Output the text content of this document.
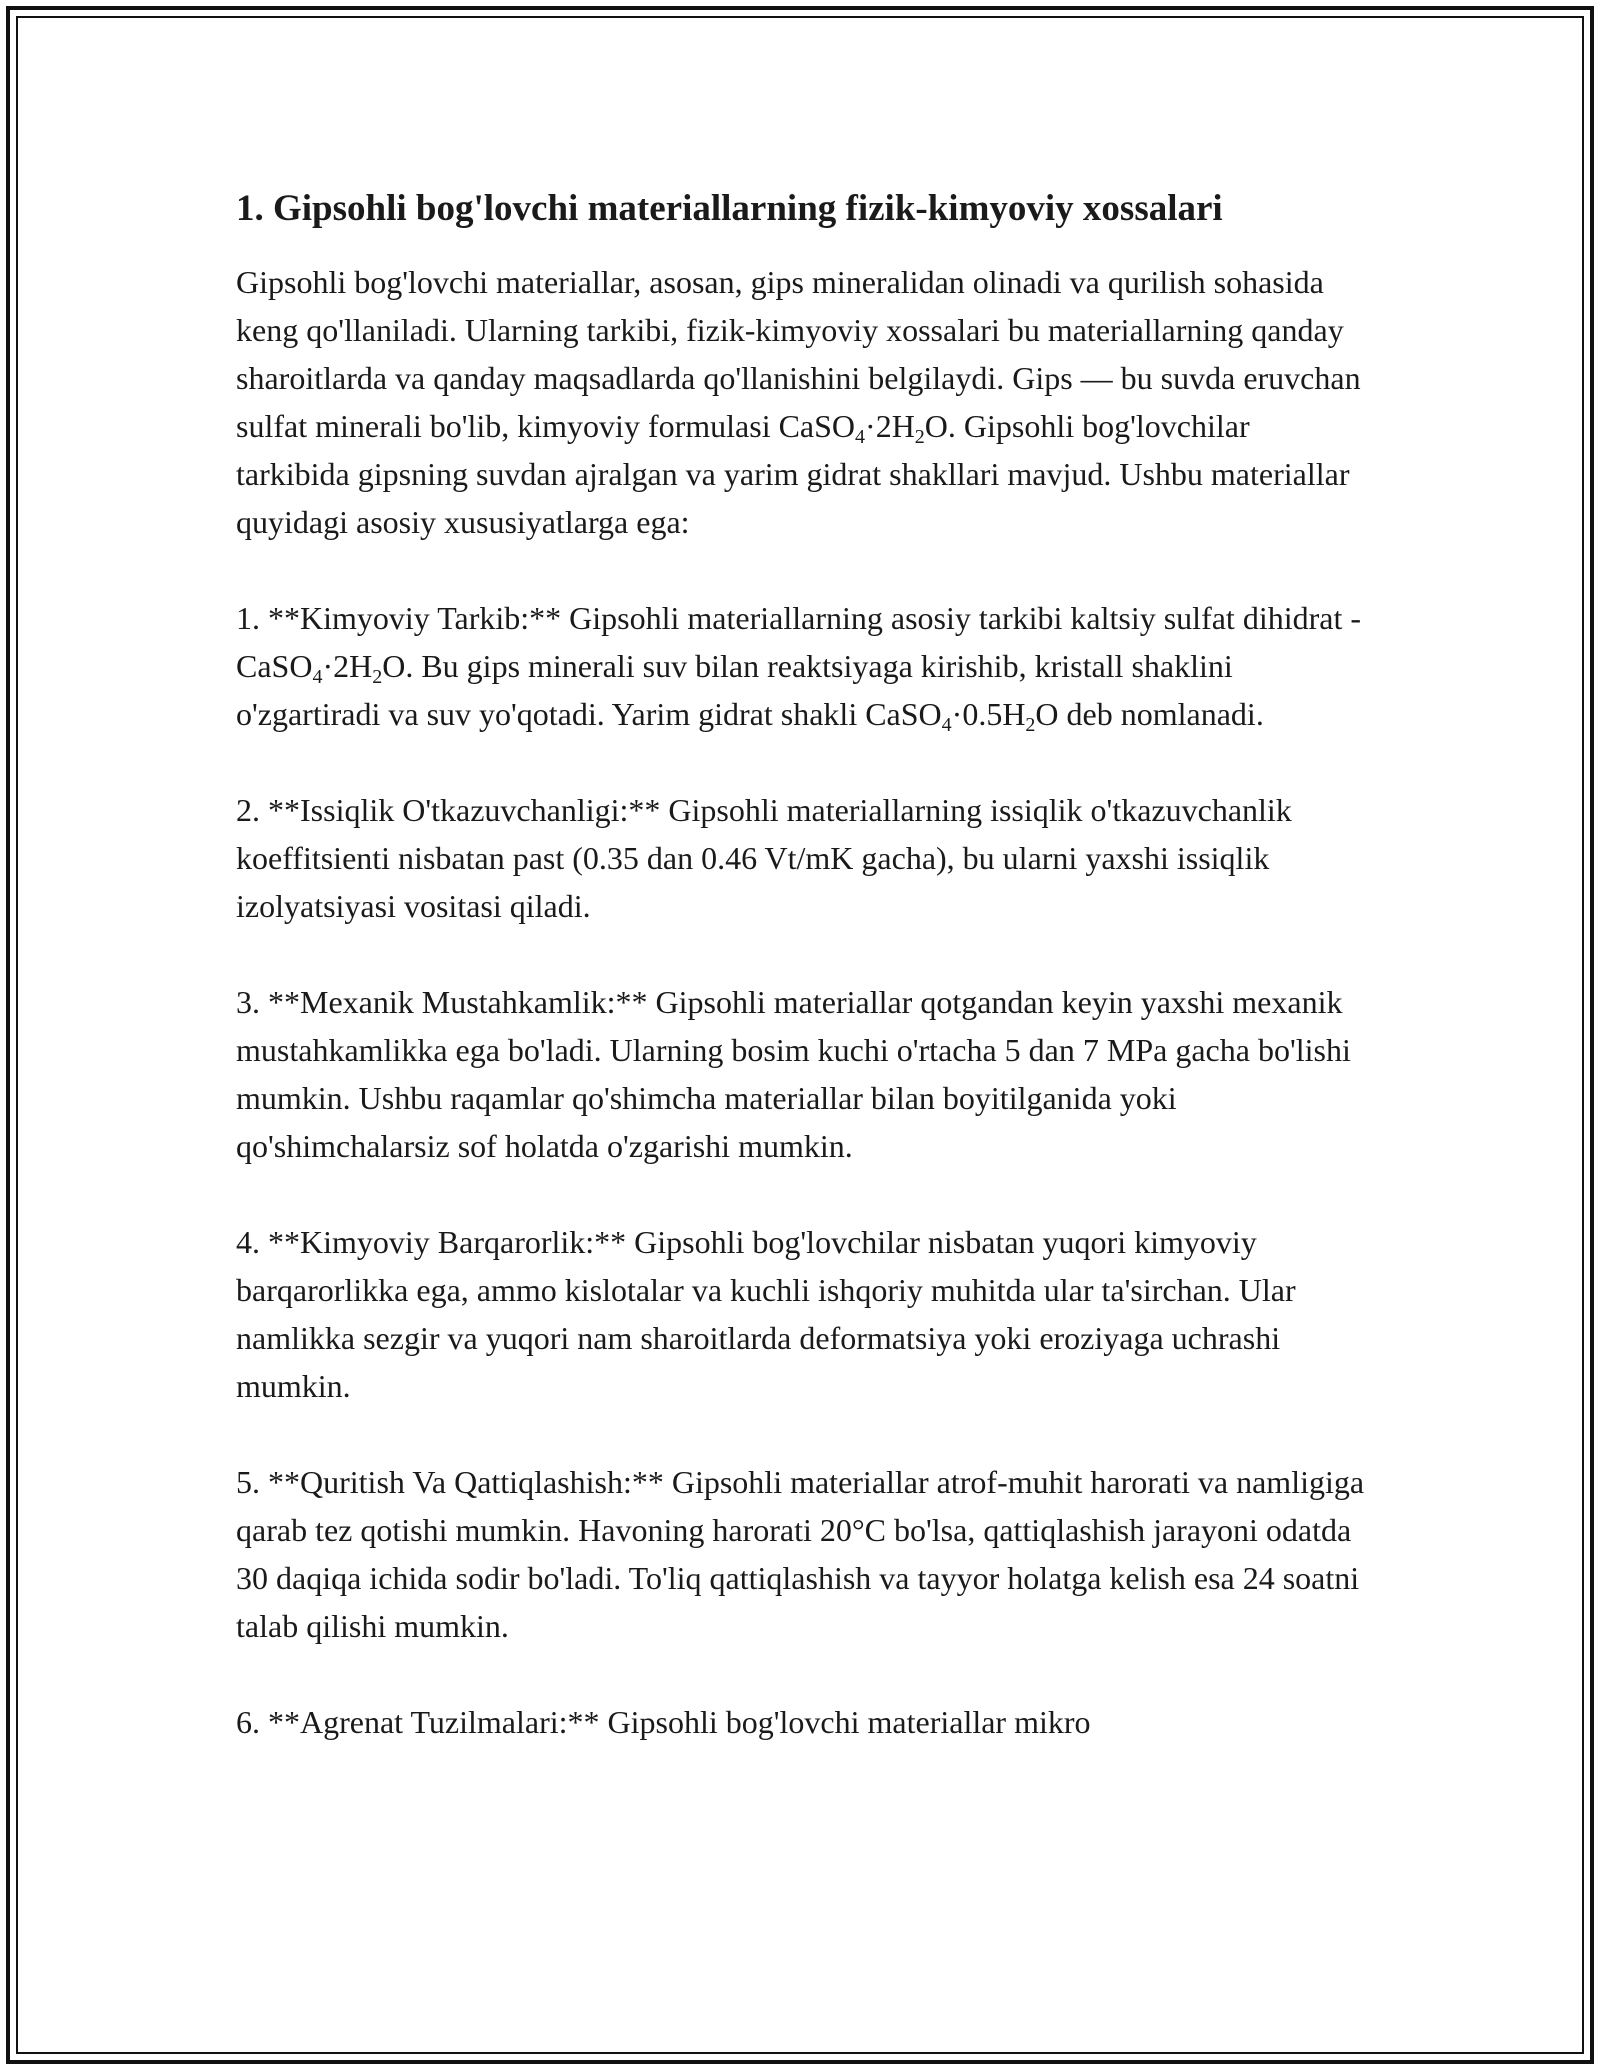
1. Gipsohli bog'lovchi materiallarning fizik-kimyoviy xossalari

Gipsohli bog'lovchi materiallar, asosan, gips mineralidan olinadi va qurilish sohasida keng qo'llaniladi. Ularning tarkibi, fizik-kimyoviy xossalari bu materiallarning qanday sharoitlarda va qanday maqsadlarda qo'llanishini belgilaydi. Gips — bu suvda eruvchan sulfat minerali bo'lib, kimyoviy formulasi $CaSO_4\cdot 2H_2O$. Gipsohli bog'lovchilar tarkibida gipsning suvdan ajralgan va yarim gidrat shakllari mavjud. Ushbu materiallar quyidagi asosiy xususiyatlarga ega:

1. **Kimyoviy Tarkib:** Gipsohli materiallarning asosiy tarkibi kaltsiy sulfat dihidrat - $CaSO_4\cdot 2H_2O$. Bu gips minerali suv bilan reaktsiyaga kirishib, kristall shaklini o'zgartiradi va suv yo'qotadi. Yarim gidrat shakli $CaSO_4\cdot 0.5H_2O$ deb nomlanadi.

2. **Issiqlik O'tkazuvchanligi:** Gipsohli materiallarning issiqlik o'tkazuvchanlik koeffitsienti nisbatan past (0.35 dan 0.46 Vt/mK gacha), bu ularni yaxshi issiqlik izolyatsiyasi vositasi qiladi.

3. **Mexanik Mustahkamlik:** Gipsohli materiallar qotgandan keyin yaxshi mexanik mustahkamlikka ega bo'ladi. Ularning bosim kuchi o'rtacha 5 dan 7 MPa gacha bo'lishi mumkin. Ushbu raqamlar qo'shimcha materiallar bilan boyitilganida yoki qo'shimchalarsiz sof holatda o'zgarishi mumkin.

4. **Kimyoviy Barqarorlik:** Gipsohli bog'lovchilar nisbatan yuqori kimyoviy barqarorlikka ega, ammo kislotalar va kuchli ishqoriy muhitda ular ta'sirchan. Ular namlikka sezgir va yuqori nam sharoitlarda deformatsiya yoki eroziyaga uchrashi mumkin.

5. **Quritish Va Qattiqlashish:** Gipsohli materiallar atrof-muhit harorati va namligiga qarab tez qotishi mumkin. Havoning harorati 20°C bo'lsa, qattiqlashish jarayoni odatda 30 daqiqa ichida sodir bo'ladi. To'liq qattiqlashish va tayyor holatga kelish esa 24 soatni talab qilishi mumkin.

6. **Agrenat Tuzilmalari:** Gipsohli bog'lovchi materiallar mikro
